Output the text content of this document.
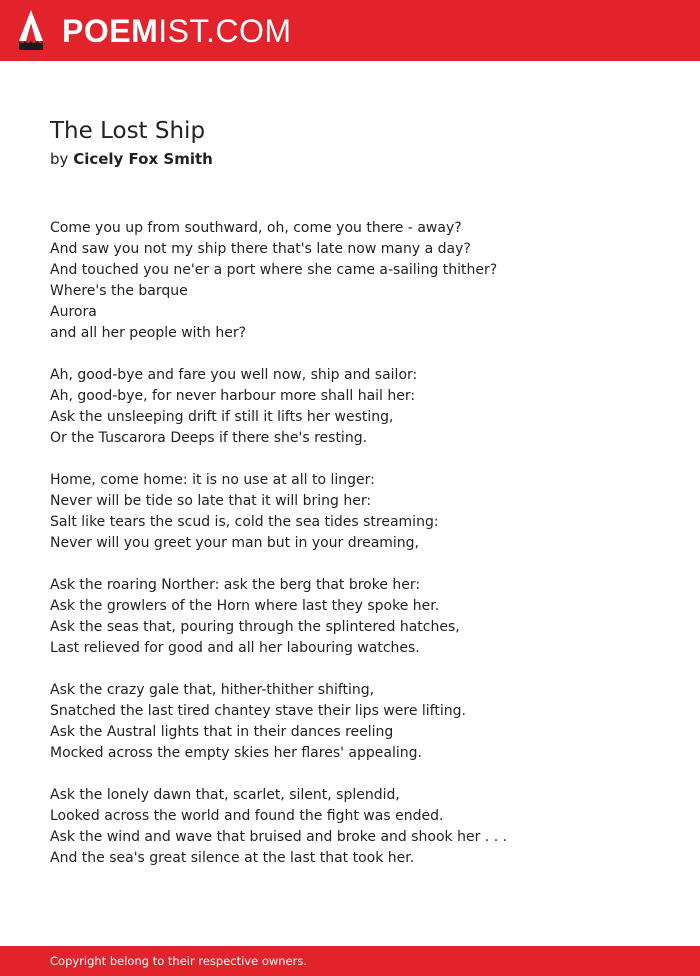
POEMIST.COM
The Lost Ship
by Cicely Fox Smith
Come you up from southward, oh, come you there - away?
And saw you not my ship there that's late now many a day?
And touched you ne'er a port where she came a-sailing thither?
Where's the barque
Aurora
and all her people with her?
Ah, good-bye and fare you well now, ship and sailor:
Ah, good-bye, for never harbour more shall hail her:
Ask the unsleeping drift if still it lifts her westing,
Or the Tuscarora Deeps if there she's resting.
Home, come home: it is no use at all to linger:
Never will be tide so late that it will bring her:
Salt like tears the scud is, cold the sea tides streaming:
Never will you greet your man but in your dreaming,
Ask the roaring Norther: ask the berg that broke her:
Ask the growlers of the Horn where last they spoke her.
Ask the seas that, pouring through the splintered hatches,
Last relieved for good and all her labouring watches.
Ask the crazy gale that, hither-thither shifting,
Snatched the last tired chantey stave their lips were lifting.
Ask the Austral lights that in their dances reeling
Mocked across the empty skies her flares' appealing.
Ask the lonely dawn that, scarlet, silent, splendid,
Looked across the world and found the fight was ended.
Ask the wind and wave that bruised and broke and shook her . . .
And the sea's great silence at the last that took her.
Copyright belong to their respective owners.
